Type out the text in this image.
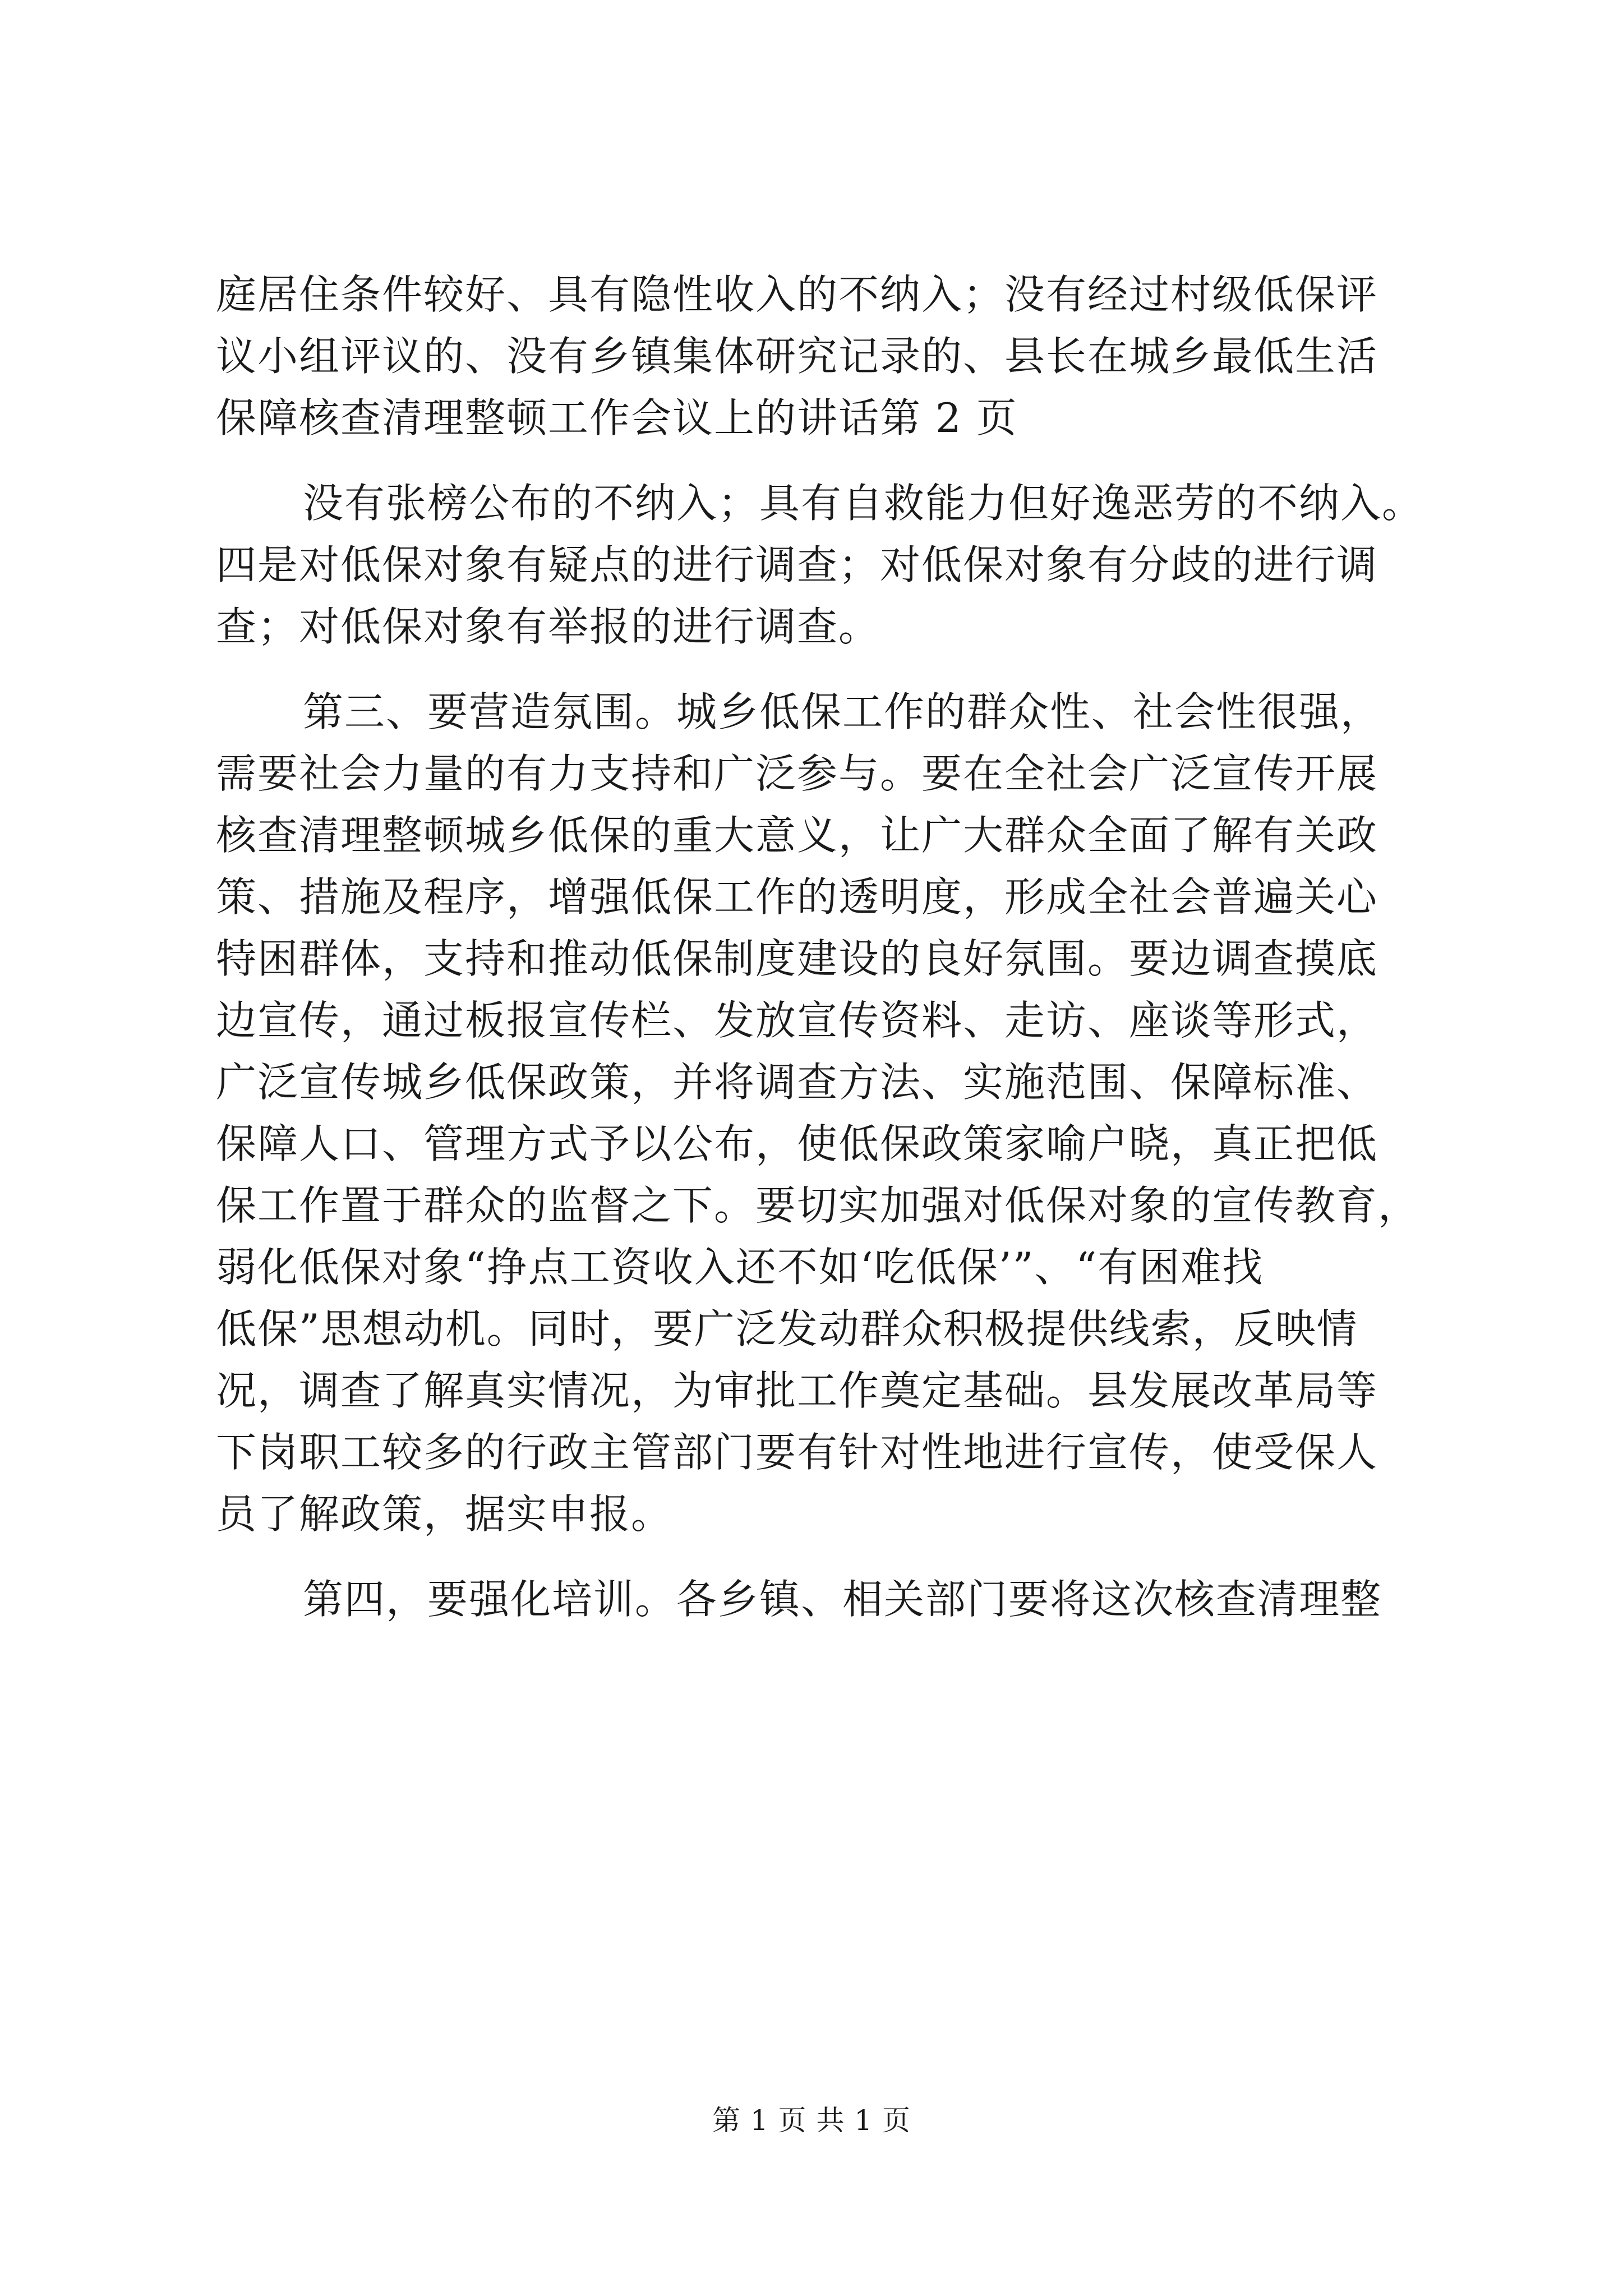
庭居住条件较好、具有隐性收入的不纳入；没有经过村级低保评
议小组评议的、没有乡镇集体研究记录的、县长在城乡最低生活
保障核查清理整顿工作会议上的讲话第 2 页
没有张榜公布的不纳入；具有自救能力但好逸恶劳的不纳入。
四是对低保对象有疑点的进行调查；对低保对象有分歧的进行调
查；对低保对象有举报的进行调查。
第三、要营造氛围。城乡低保工作的群众性、社会性很强，
需要社会力量的有力支持和广泛参与。要在全社会广泛宣传开展
核查清理整顿城乡低保的重大意义，让广大群众全面了解有关政
策、措施及程序，增强低保工作的透明度，形成全社会普遍关心
特困群体，支持和推动低保制度建设的良好氛围。要边调查摸底
边宣传，通过板报宣传栏、发放宣传资料、走访、座谈等形式，
广泛宣传城乡低保政策，并将调查方法、实施范围、保障标准、
保障人口、管理方式予以公布，使低保政策家喻户晓，真正把低
保工作置于群众的监督之下。要切实加强对低保对象的宣传教育，
弱化低保对象“挣点工资收入还不如‘吃低保’”、“有困难找
低保”思想动机。同时，要广泛发动群众积极提供线索，反映情
况，调查了解真实情况，为审批工作奠定基础。县发展改革局等
下岗职工较多的行政主管部门要有针对性地进行宣传，使受保人
员了解政策，据实申报。
第四，要强化培训。各乡镇、相关部门要将这次核查清理整
第 1 页 共 1 页
